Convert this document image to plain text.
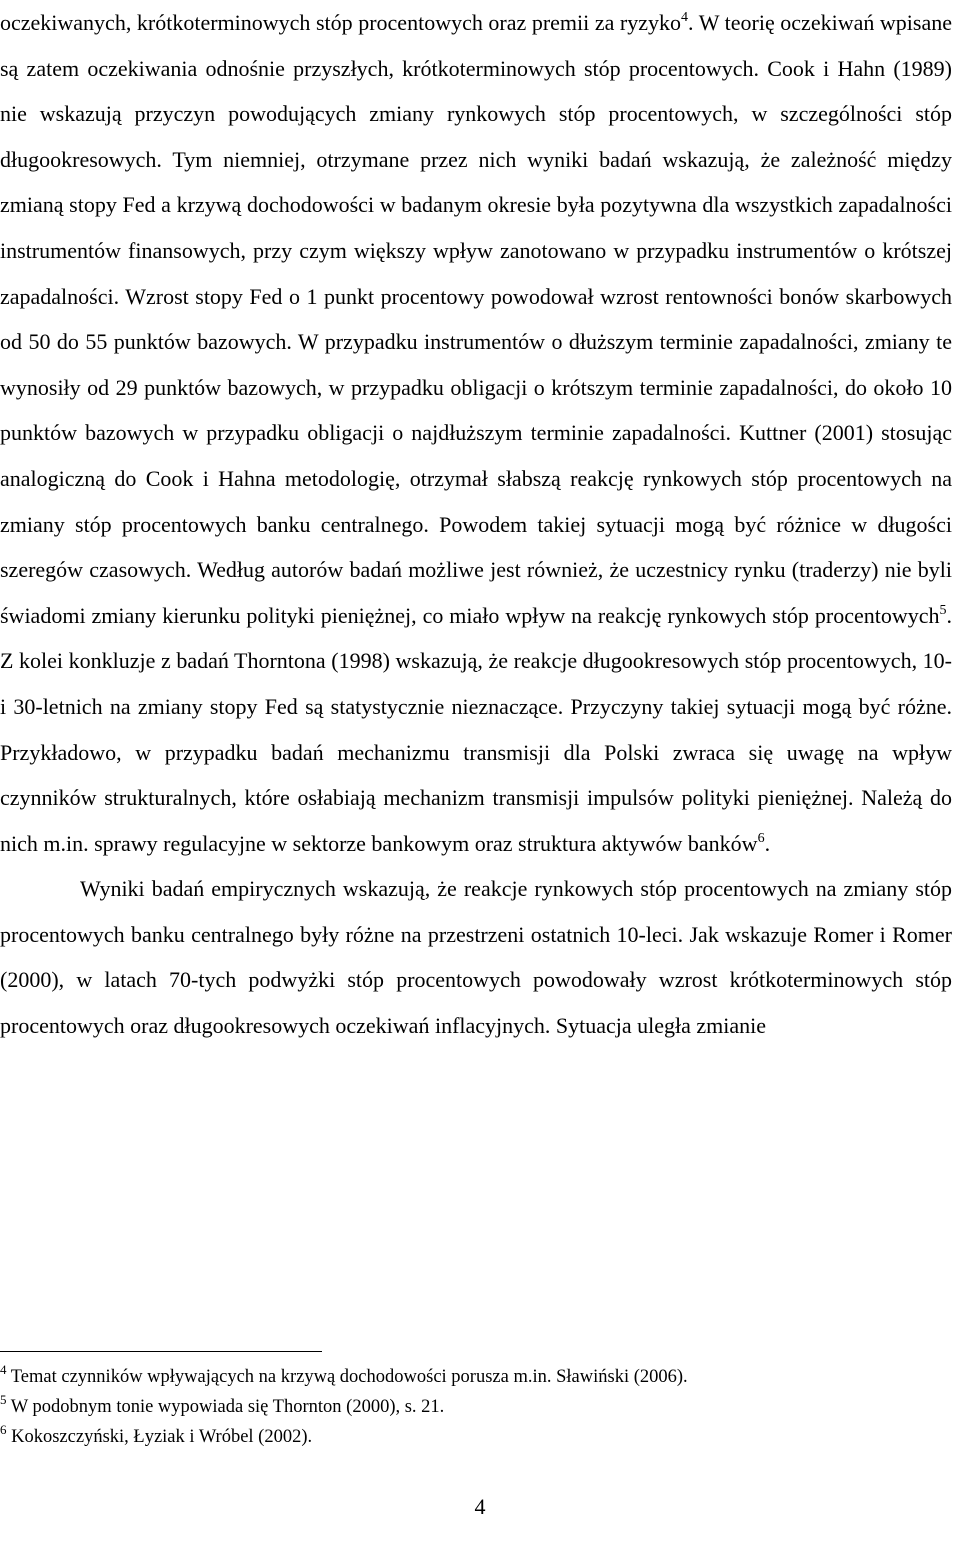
oczekiwanych, krótkoterminowych stóp procentowych oraz premii za ryzyko$^4$. W teorię oczekiwań wpisane są zatem oczekiwania odnośnie przyszłych, krótkoterminowych stóp procentowych. Cook i Hahn (1989) nie wskazują przyczyn powodujących zmiany rynkowych stóp procentowych, w szczególności stóp długookresowych. Tym niemniej, otrzymane przez nich wyniki badań wskazują, że zależność między zmianą stopy Fed a krzywą dochodowości w badanym okresie była pozytywna dla wszystkich zapadalności instrumentów finansowych, przy czym większy wpływ zanotowano w przypadku instrumentów o krótszej zapadalności. Wzrost stopy Fed o 1 punkt procentowy powodował wzrost rentowności bonów skarbowych od 50 do 55 punktów bazowych. W przypadku instrumentów o dłuższym terminie zapadalności, zmiany te wynosiły od 29 punktów bazowych, w przypadku obligacji o krótszym terminie zapadalności, do około 10 punktów bazowych w przypadku obligacji o najdłuższym terminie zapadalności. Kuttner (2001) stosując analogiczną do Cook i Hahna metodologię, otrzymał słabszą reakcję rynkowych stóp procentowych na zmiany stóp procentowych banku centralnego. Powodem takiej sytuacji mogą być różnice w długości szeregów czasowych. Według autorów badań możliwe jest również, że uczestnicy rynku (traderzy) nie byli świadomi zmiany kierunku polityki pieniężnej, co miało wpływ na reakcję rynkowych stóp procentowych$^5$. Z kolei konkluzje z badań Thorntona (1998) wskazują, że reakcje długookresowych stóp procentowych, 10- i 30-letnich na zmiany stopy Fed są statystycznie nieznaczące. Przyczyny takiej sytuacji mogą być różne. Przykładowo, w przypadku badań mechanizmu transmisji dla Polski zwraca się uwagę na wpływ czynników strukturalnych, które osłabiają mechanizm transmisji impulsów polityki pieniężnej. Należą do nich m.in. sprawy regulacyjne w sektorze bankowym oraz struktura aktywów banków$^6$.

Wyniki badań empirycznych wskazują, że reakcje rynkowych stóp procentowych na zmiany stóp procentowych banku centralnego były różne na przestrzeni ostatnich 10-leci. Jak wskazuje Romer i Romer (2000), w latach 70-tych podwyżki stóp procentowych powodowały wzrost krótkoterminowych stóp procentowych oraz długookresowych oczekiwań inflacyjnych. Sytuacja uległa zmianie

$^4$ Temat czynników wpływających na krzywą dochodowości porusza m.in. Sławiński (2006).

$^5$ W podobnym tonie wypowiada się Thornton (2000), s. 21.

$^6$ Kokoszczyński, Łyziak i Wróbel (2002).

4
